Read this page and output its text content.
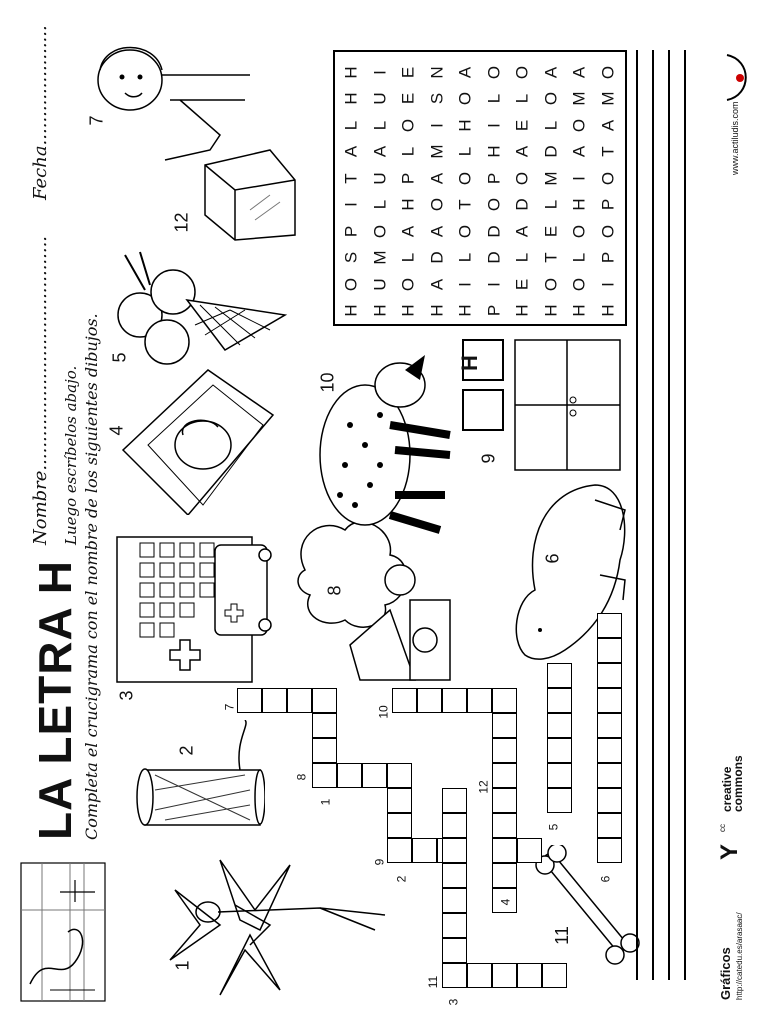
LA LETRA H Completa el crucigrama con el nombre de los siguientes dibujos.
Nombre.........................................
Fecha.....................
Luego escríbelos abajo.
H
1
2
3
4
5
6
7
8
9
10
11
12
7
8
1
10
12
9
2
4
5
6
11
3
H
O
S
P
I
T
A
L
H
H
H
U
M
O
L
U
A
L
U
I
H
O
L
A
H
P
L
O
E
E
H
A
D
A
O
A
M
I
S
N
H
I
L
O
T
O
L
H
O
A
P
I
D
D
O
P
H
I
L
O
H
E
L
A
D
O
A
E
L
O
H
O
T
E
L
M
D
L
O
A
H
O
L
O
H
I
A
O
M
A
H
I
P
O
P
O
T
A
M
O
Gráficos http://catedu.es/arasaac/
Y
cc
creative
commons
www.actiludis.com
